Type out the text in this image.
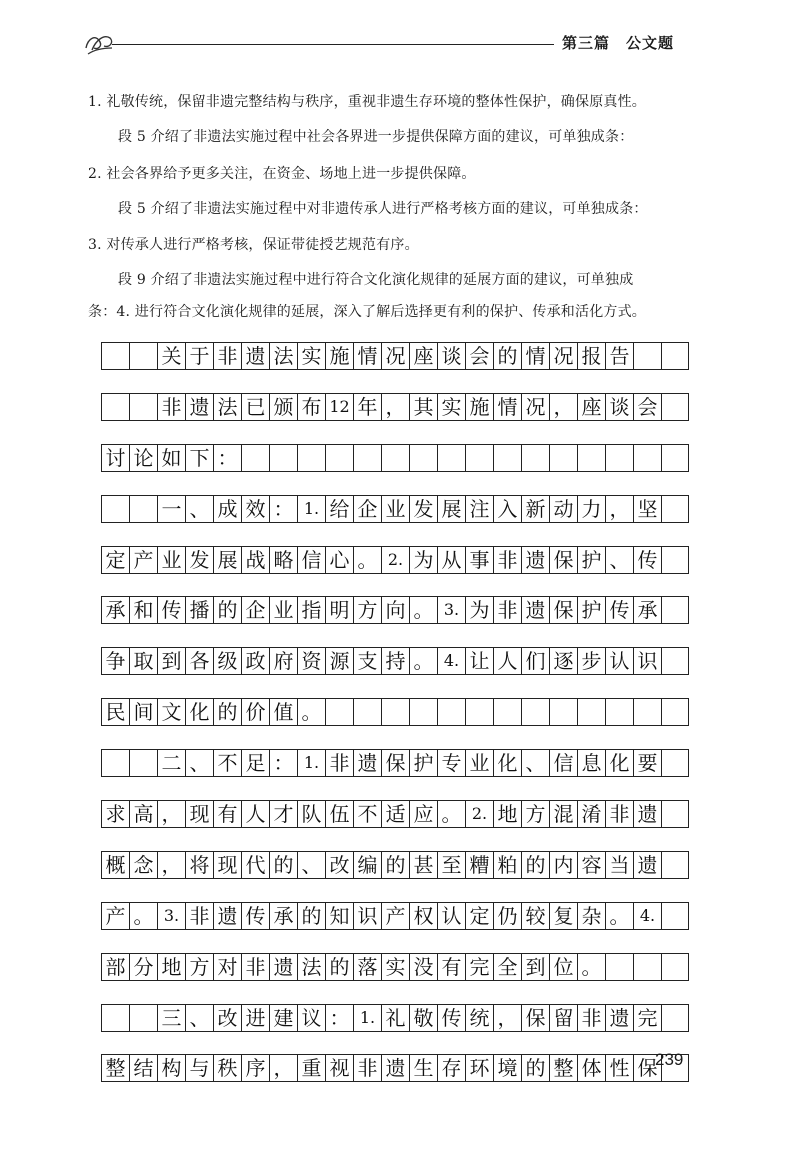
第三篇 公文题
1. 礼敬传统，保留非遗完整结构与秩序，重视非遗生存环境的整体性保护，确保原真性。
段 5 介绍了非遗法实施过程中社会各界进一步提供保障方面的建议，可单独成条：
2. 社会各界给予更多关注，在资金、场地上进一步提供保障。
段 5 介绍了非遗法实施过程中对非遗传承人进行严格考核方面的建议，可单独成条：
3. 对传承人进行严格考核，保证带徒授艺规范有序。
段 9 介绍了非遗法实施过程中进行符合文化演化规律的延展方面的建议，可单独成
条：4. 进行符合文化演化规律的延展，深入了解后选择更有利的保护、传承和活化方式。
关 于 非 遗 法 实 施 情 况 座 谈 会 的 情 况 报 告
非 遗 法 已 颁 布 12 年 ， 其 实 施 情 况 ， 座 谈 会
讨 论 如 下 ：
一 、 成 效 ： 1. 给 企 业 发 展 注 入 新 动 力 ， 坚
定 产 业 发 展 战 略 信 心 。 2. 为 从 事 非 遗 保 护 、 传
承 和 传 播 的 企 业 指 明 方 向 。 3. 为 非 遗 保 护 传 承
争 取 到 各 级 政 府 资 源 支 持 。 4. 让 人 们 逐 步 认 识
民 间 文 化 的 价 值 。
二 、 不 足 ： 1. 非 遗 保 护 专 业 化 、 信 息 化 要
求 高 ， 现 有 人 才 队 伍 不 适 应 。 2. 地 方 混 淆 非 遗
概 念 ， 将 现 代 的 、 改 编 的 甚 至 糟 粕 的 内 容 当 遗
产 。 3. 非 遗 传 承 的 知 识 产 权 认 定 仍 较 复 杂 。 4.
部 分 地 方 对 非 遗 法 的 落 实 没 有 完 全 到 位 。
三 、 改 进 建 议 ： 1. 礼 敬 传 统 ， 保 留 非 遗 完
整 结 构 与 秩 序 ， 重 视 非 遗 生 存 环 境 的 整 体 性 保
239
